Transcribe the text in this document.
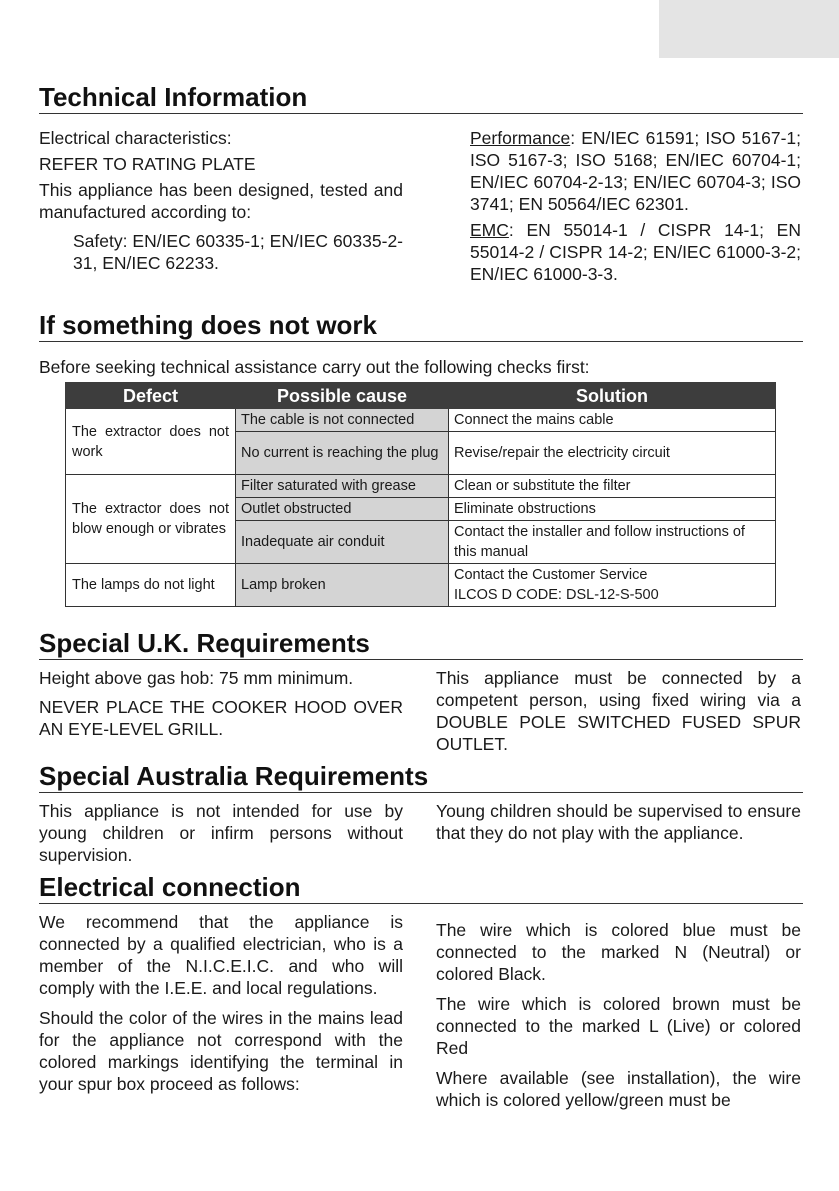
Technical Information
Electrical characteristics:
REFER TO RATING PLATE
This appliance has been designed, tested and manufactured according to:
Safety: EN/IEC 60335-1; EN/IEC 60335-2-31, EN/IEC 62233.
Performance: EN/IEC 61591; ISO 5167-1; ISO 5167-3; ISO 5168; EN/IEC 60704-1; EN/IEC 60704-2-13; EN/IEC 60704-3; ISO 3741; EN 50564/IEC 62301.
EMC: EN 55014-1 / CISPR 14-1; EN 55014-2 / CISPR 14-2; EN/IEC 61000-3-2; EN/IEC 61000-3-3.
If something does not work
Before seeking technical assistance carry out the following checks first:
Defect	Possible cause	Solution
The extractor does not work	The cable is not connected	Connect the mains cable
	No current is reaching the plug	Revise/repair the electricity circuit
The extractor does not blow enough or vibrates	Filter saturated with grease	Clean or substitute the filter
	Outlet obstructed	Eliminate obstructions
	Inadequate air conduit	Contact the installer and follow instructions of this manual
The lamps do not light	Lamp broken	Contact the Customer Service
ILCOS D CODE: DSL-12-S-500
Special U.K. Requirements
Height above gas hob: 75 mm minimum.
NEVER PLACE THE COOKER HOOD OVER AN EYE-LEVEL GRILL.
This appliance must be connected by a competent person, using fixed wiring via a DOUBLE POLE SWITCHED FUSED SPUR OUTLET.
Special Australia Requirements
This appliance is not intended for use by young children or infirm persons without supervision.
Young children should be supervised to ensure that they do not play with the appliance.
Electrical connection
We recommend that the appliance is connected by a qualified electrician, who is a member of the N.I.C.E.I.C. and who will comply with the I.E.E. and local regulations.
Should the color of the wires in the mains lead for the appliance not correspond with the colored markings identifying the terminal in your spur box proceed as follows:
The wire which is colored blue must be connected to the marked N (Neutral) or colored Black.
The wire which is colored brown must be connected to the marked L (Live) or colored Red
Where available (see installation), the wire which is colored yellow/green must be
